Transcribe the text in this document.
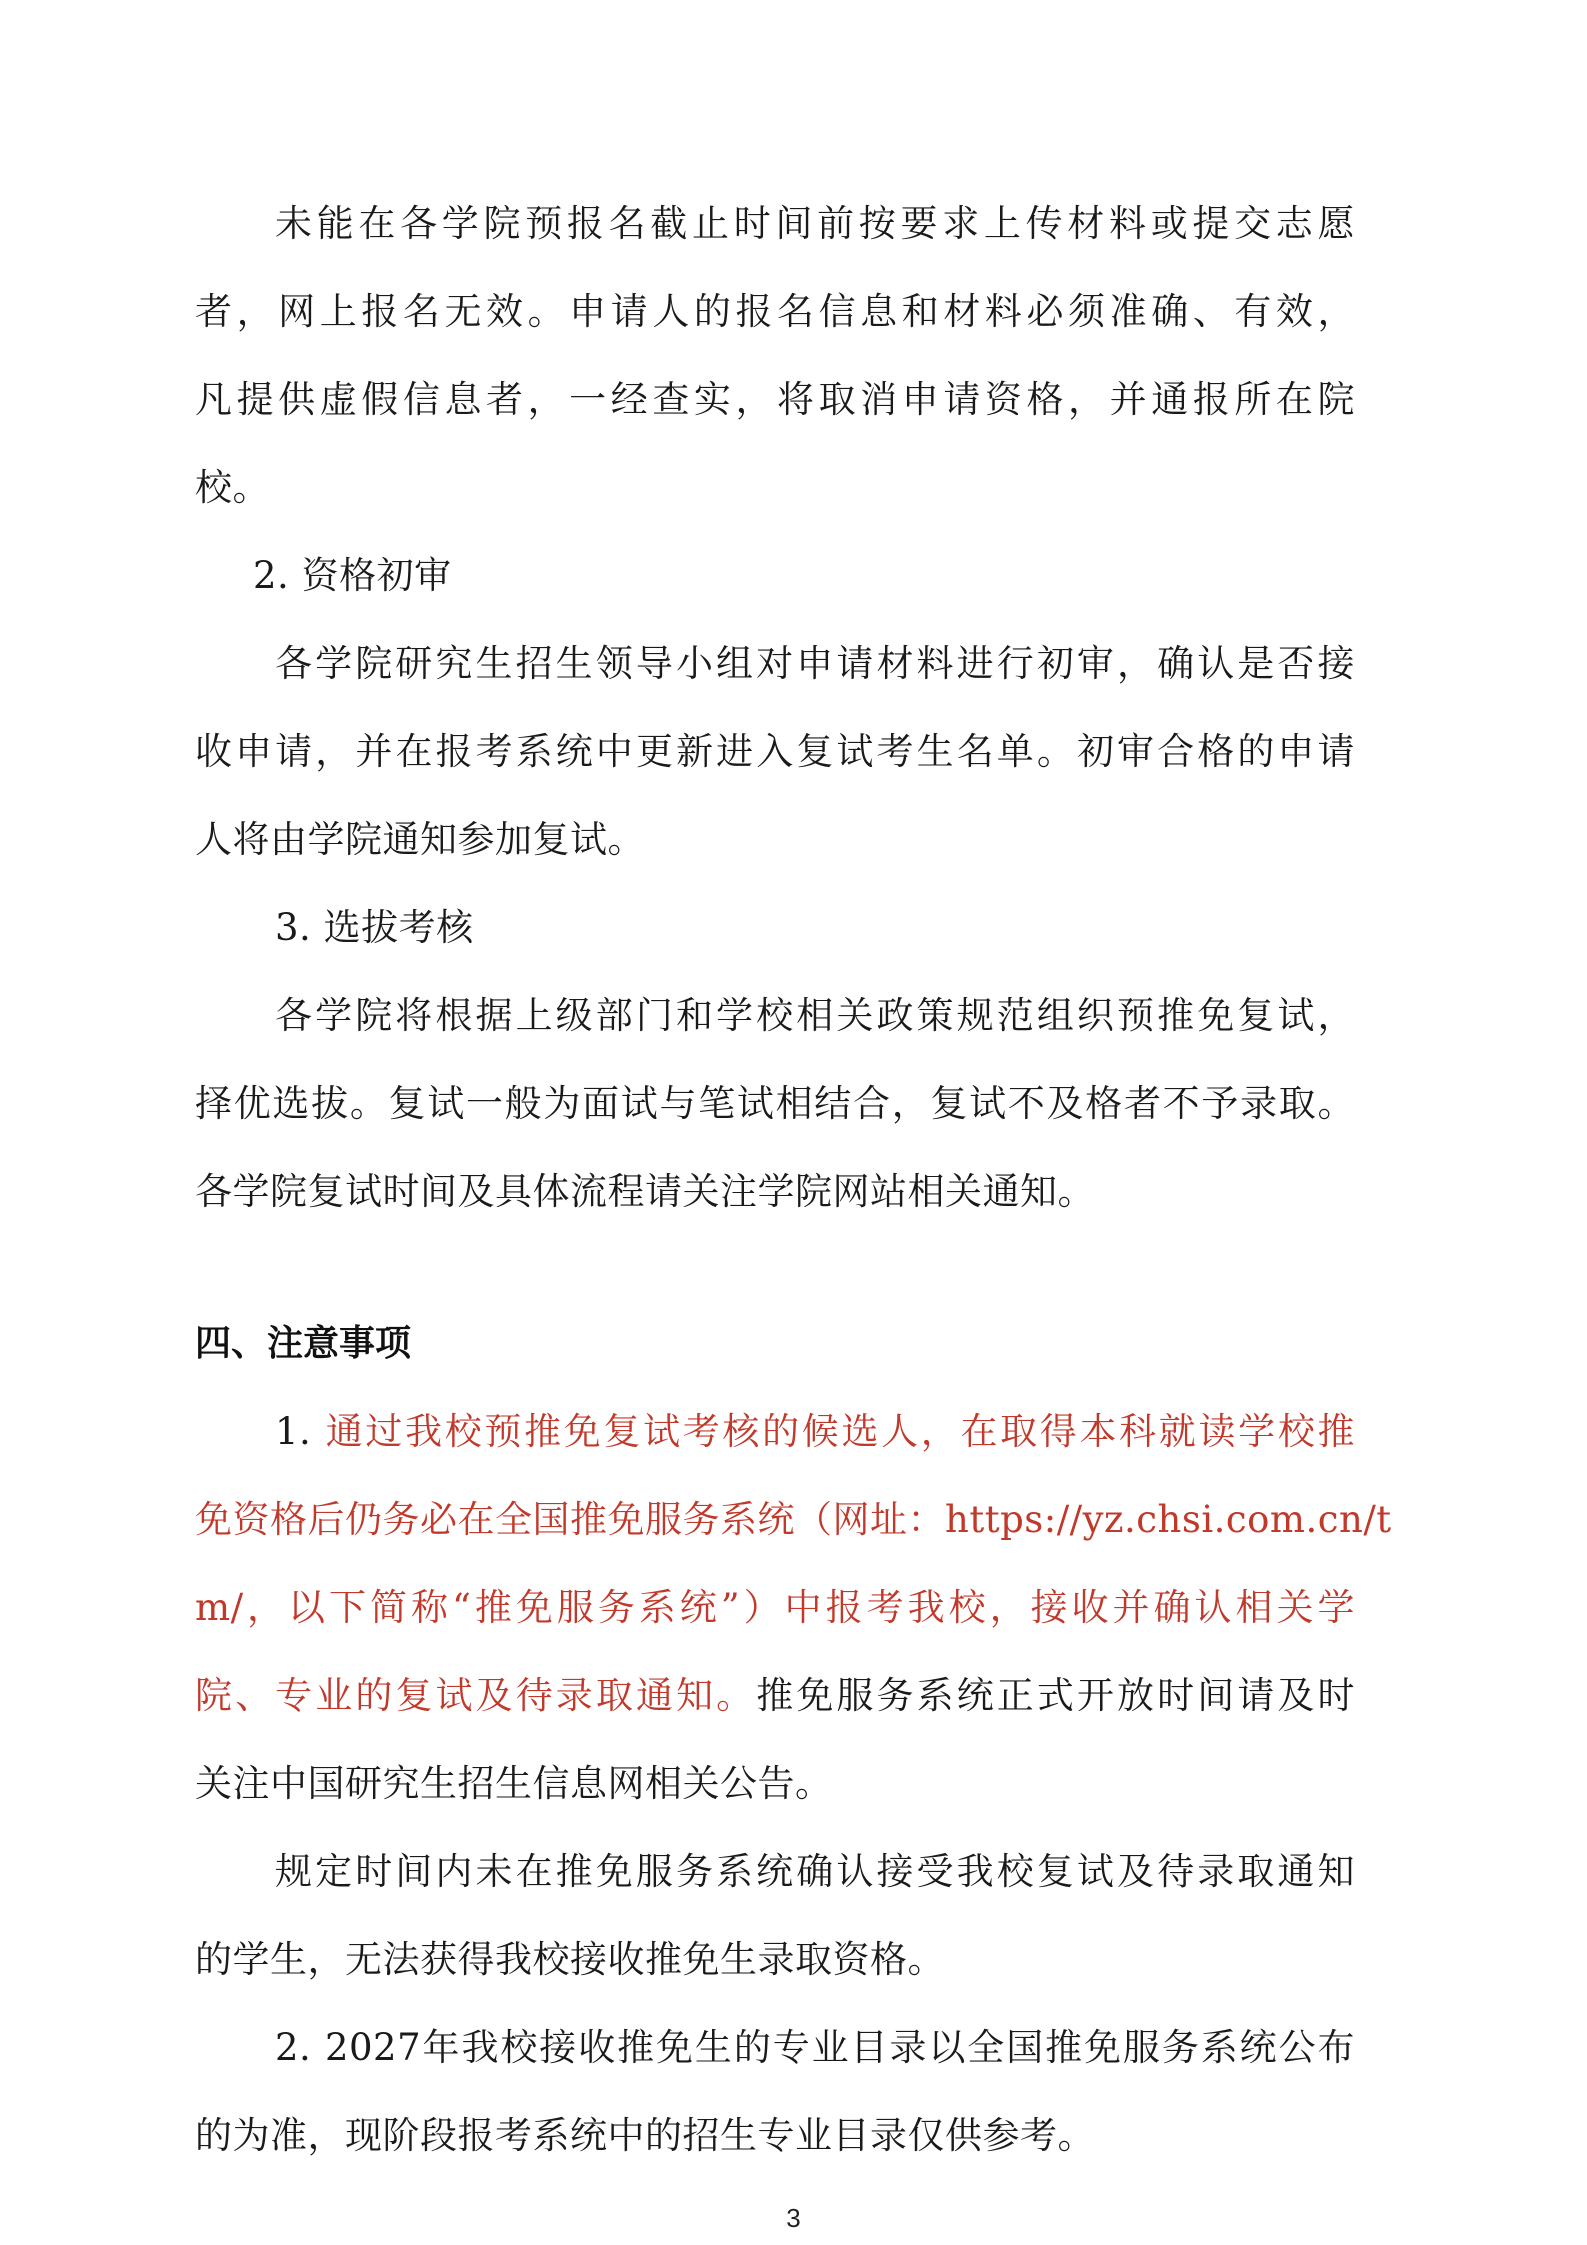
未能在各学院预报名截止时间前按要求上传材料或提交志愿
者，网上报名无效。申请人的报名信息和材料必须准确、有效，
凡提供虚假信息者，一经查实，将取消申请资格，并通报所在院
校。
2. 资格初审
各学院研究生招生领导小组对申请材料进行初审，确认是否接
收申请，并在报考系统中更新进入复试考生名单。初审合格的申请
人将由学院通知参加复试。
3. 选拔考核
各学院将根据上级部门和学校相关政策规范组织预推免复试，
择优选拔。复试一般为面试与笔试相结合，复试不及格者不予录取。
各学院复试时间及具体流程请关注学院网站相关通知。
四、注意事项
1. 通过我校预推免复试考核的候选人，在取得本科就读学校推
免资格后仍务必在全国推免服务系统（网址：https://yz.chsi.com.cn/t
m/，以下简称“推免服务系统”）中报考我校，接收并确认相关学
院、专业的复试及待录取通知。推免服务系统正式开放时间请及时
关注中国研究生招生信息网相关公告。
规定时间内未在推免服务系统确认接受我校复试及待录取通知
的学生，无法获得我校接收推免生录取资格。
2. 2027年我校接收推免生的专业目录以全国推免服务系统公布
的为准，现阶段报考系统中的招生专业目录仅供参考。
3
